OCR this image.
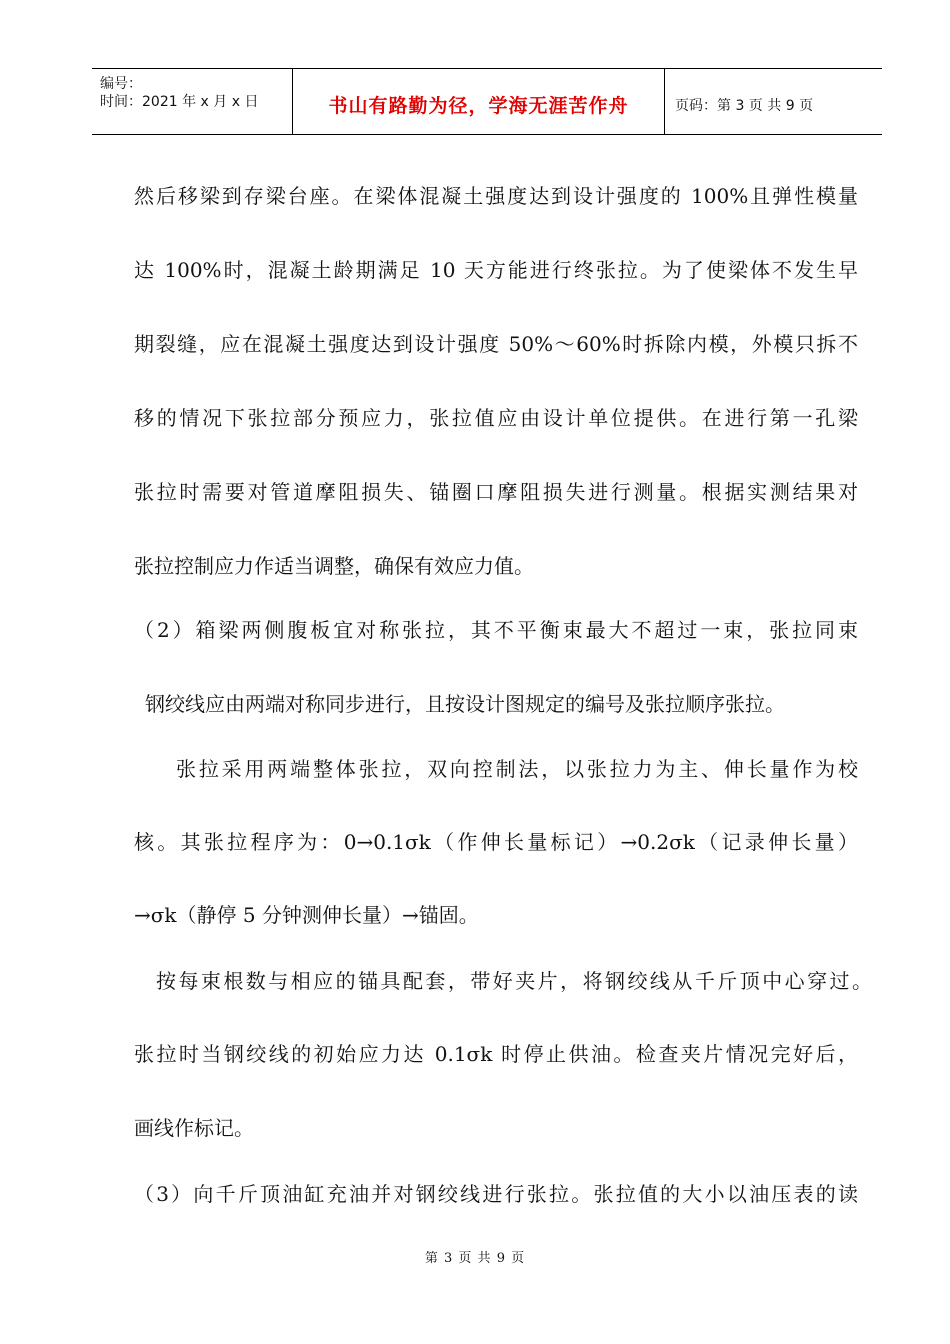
编号：
时间：2021 年 x 月 x 日	书山有路勤为径，学海无涯苦作舟	页码：第 3 页 共 9 页
然后移梁到存梁台座。在梁体混凝土强度达到设计强度的 100%且弹性模量
达 100%时，混凝土龄期满足 10 天方能进行终张拉。为了使梁体不发生早
期裂缝，应在混凝土强度达到设计强度 50%～60%时拆除内模，外模只拆不
移的情况下张拉部分预应力，张拉值应由设计单位提供。在进行第一孔梁
张拉时需要对管道摩阻损失、锚圈口摩阻损失进行测量。根据实测结果对
张拉控制应力作适当调整，确保有效应力值。
（2）箱梁两侧腹板宜对称张拉，其不平衡束最大不超过一束，张拉同束
钢绞线应由两端对称同步进行，且按设计图规定的编号及张拉顺序张拉。
张拉采用两端整体张拉，双向控制法，以张拉力为主、伸长量作为校
核。其张拉程序为：0→0.1σk（作伸长量标记）→0.2σk（记录伸长量）
→σk（静停 5 分钟测伸长量）→锚固。
按每束根数与相应的锚具配套，带好夹片，将钢绞线从千斤顶中心穿过。
张拉时当钢绞线的初始应力达 0.1σk 时停止供油。检查夹片情况完好后，
画线作标记。
（3）向千斤顶油缸充油并对钢绞线进行张拉。张拉值的大小以油压表的读
第 3 页 共 9 页
